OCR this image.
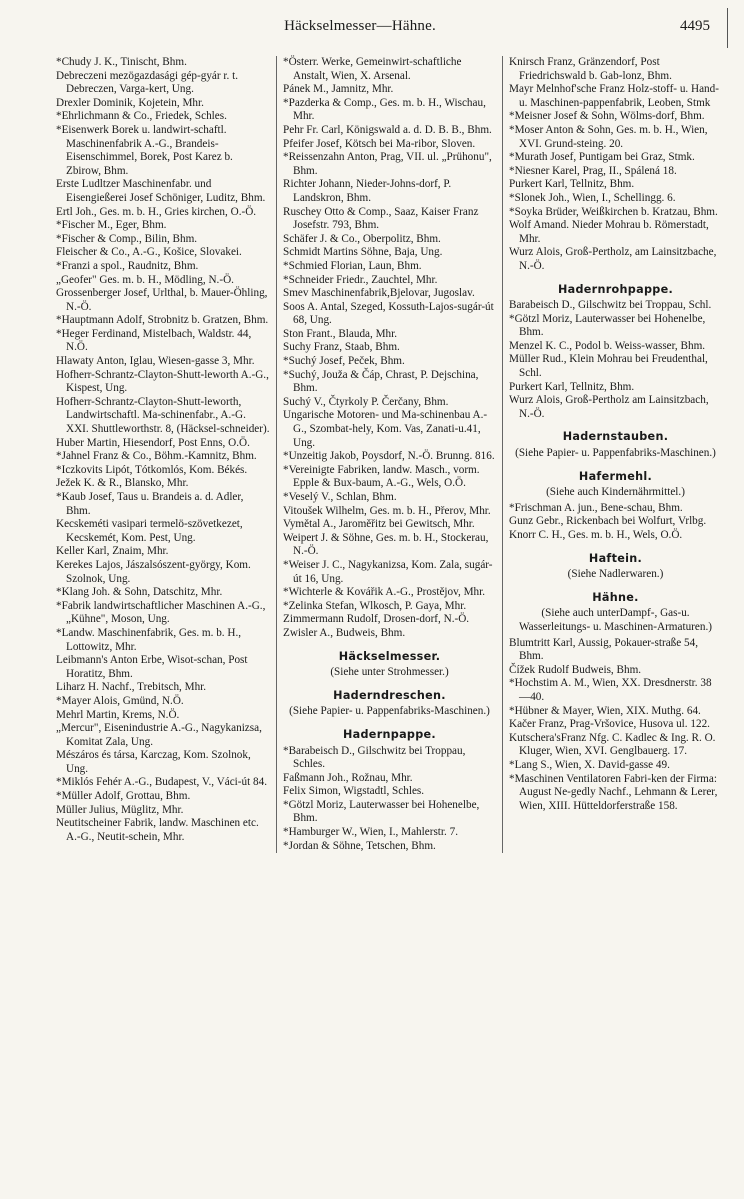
Häckselmesser—Hähne.	4495

*Chudy J. K., Tinischt, Bhm.

Debreczeni mezögazdasági gép-gyár r. t. Debreczen, Varga-kert, Ung.

Drexler Dominik, Kojetein, Mhr.

*Ehrlichmann & Co., Friedek, Schles.

*Eisenwerk Borek u. landwirt-schaftl. Maschinenfabrik A.-G., Brandeis-Eisenschimmel, Borek, Post Karez b. Zbirow, Bhm.

Erste Ludltzer Maschinenfabr. und Eisengießerei Josef Schöniger, Luditz, Bhm.

Ertl Joh., Ges. m. b. H., Gries kirchen, O.-Ö.

*Fischer M., Eger, Bhm.

*Fischer & Comp., Bilin, Bhm.

Fleischer & Co., A.-G., Košice, Slovakei.

*Franzi a spol., Raudnitz, Bhm.

„Geofer" Ges. m. b. H., Mödling, N.-Ö.

Grossenberger Josef, Urlthal, b. Mauer-Öhling, N.-Ö.

*Hauptmann Adolf, Strobnitz b. Gratzen, Bhm.

*Heger Ferdinand, Mistelbach, Waldstr. 44, N.Ö.

Hlawaty Anton, Iglau, Wiesen-gasse 3, Mhr.

Hofherr-Schrantz-Clayton-Shutt-leworth A.-G., Kispest, Ung.

Hofherr-Schrantz-Clayton-Shutt-leworth, Landwirtschaftl. Ma-schinenfabr., A.-G. XXI. Shuttleworthstr. 8, (Häcksel-schneider).

Huber Martin, Hiesendorf, Post Enns, O.Ö.

*Jahnel Franz & Co., Böhm.-Kamnitz, Bhm.

*Iczkovits Lipót, Tótkomlós, Kom. Békés.

Ježek K. & R., Blansko, Mhr.

*Kaub Josef, Taus u. Brandeis a. d. Adler, Bhm.

Kecskeméti vasipari termelö-szövetkezet, Kecskemét, Kom. Pest, Ung.

Keller Karl, Znaim, Mhr.

Kerekes Lajos, Jászalsószent-györgy, Kom. Szolnok, Ung.

*Klang Joh. & Sohn, Datschitz, Mhr.

*Fabrik landwirtschaftlicher Maschinen A.-G., „Kühne", Moson, Ung.

*Landw. Maschinenfabrik, Ges. m. b. H., Lottowitz, Mhr.

Leibmann's Anton Erbe, Wisot-schan, Post Horatitz, Bhm.

Liharz H. Nachf., Trebitsch, Mhr.

*Mayer Alois, Gmünd, N.Ö.

Mehrl Martin, Krems, N.Ö.

„Mercur", Eisenindustrie A.-G., Nagykanizsa, Komitat Zala, Ung.

Mészáros és társa, Karczag, Kom. Szolnok, Ung.

*Miklós Fehér A.-G., Budapest, V., Váci-út 84.

*Müller Adolf, Grottau, Bhm.

Müller Julius, Müglitz, Mhr.

Neutitscheiner Fabrik, landw. Maschinen etc. A.-G., Neutit-schein, Mhr.

*Österr. Werke, Gemeinwirt-schaftliche Anstalt, Wien, X. Arsenal.

Pánek M., Jamnitz, Mhr.

*Pazderka & Comp., Ges. m. b. H., Wischau, Mhr.

Pehr Fr. Carl, Königswald a. d. D. B. B., Bhm.

Pfeifer Josef, Kötsch bei Ma-ribor, Sloven.

*Reissenzahn Anton, Prag, VII. ul. „Prühonu", Bhm.

Richter Johann, Nieder-Johns-dorf, P. Landskron, Bhm.

Ruschey Otto & Comp., Saaz, Kaiser Franz Josefstr. 793, Bhm.

Schäfer J. & Co., Oberpolitz, Bhm.

Schmidt Martins Söhne, Baja, Ung.

*Schmied Florian, Laun, Bhm.

*Schneider Friedr., Zauchtel, Mhr.

Smev Maschinenfabrik,Bjelovar, Jugoslav.

Soos A. Antal, Szeged, Kossuth-Lajos-sugár-út 68, Ung.

Ston Frant., Blauda, Mhr.

Suchy Franz, Staab, Bhm.

*Suchý Josef, Peček, Bhm.

*Suchý, Jouža & Čáp, Chrast, P. Dejschina, Bhm.

Suchý V., Čtyrkoly P. Čerčany, Bhm.

Ungarische Motoren- und Ma-schinenbau A.-G., Szombat-hely, Kom. Vas, Zanati-u.41, Ung.

*Unzeitig Jakob, Poysdorf, N.-Ö. Brunng. 816.

*Vereinigte Fabriken, landw. Masch., vorm. Epple & Bux-baum, A.-G., Wels, O.Ö.

*Veselý V., Schlan, Bhm.

Vitoušek Wilhelm, Ges. m. b. H., Přerov, Mhr.

Vymětal A., Jaroměřitz bei Gewitsch, Mhr.

Weipert J. & Söhne, Ges. m. b. H., Stockerau, N.-Ö.

*Weiser J. C., Nagykanizsa, Kom. Zala, sugár-út 16, Ung.

*Wichterle & Kovářik A.-G., Prostějov, Mhr.

*Zelinka Stefan, Wlkosch, P. Gaya, Mhr.

Zimmermann Rudolf, Drosen-dorf, N.-Ö.

Zwisler A., Budweis, Bhm.

Häckselmesser.
(Siehe unter Strohmesser.)
Haderndreschen.
(Siehe Papier- u. Pappenfabriks-Maschinen.)
Hadernpappe.

*Barabeisch D., Gilschwitz bei Troppau, Schles.

Faßmann Joh., Rožnau, Mhr.

Felix Simon, Wigstadtl, Schles.

*Götzl Moriz, Lauterwasser bei Hohenelbe, Bhm.

*Hamburger W., Wien, I., Mahlerstr. 7.

*Jordan & Söhne, Tetschen, Bhm.

Knirsch Franz, Gränzendorf, Post Friedrichswald b. Gab-lonz, Bhm.

Mayr Melnhof'sche Franz Holz-stoff- u. Hand- u. Maschinen-pappenfabrik, Leoben, Stmk

*Meisner Josef & Sohn, Wölms-dorf, Bhm.

*Moser Anton & Sohn, Ges. m. b. H., Wien, XVI. Grund-steing. 20.

*Murath Josef, Puntigam bei Graz, Stmk.

*Niesner Karel, Prag, II., Spálená 18.

Purkert Karl, Tellnitz, Bhm.

*Slonek Joh., Wien, I., Schellingg. 6.

*Soyka Brüder, Weißkirchen b. Kratzau, Bhm.

Wolf Amand. Nieder Mohrau b. Römerstadt, Mhr.

Wurz Alois, Groß-Pertholz, am Lainsitzbache, N.-Ö.

Hadernrohpappe.

Barabeisch D., Gilschwitz bei Troppau, Schl.

*Götzl Moriz, Lauterwasser bei Hohenelbe, Bhm.

Menzel K. C., Podol b. Weiss-wasser, Bhm.

Müller Rud., Klein Mohrau bei Freudenthal, Schl.

Purkert Karl, Tellnitz, Bhm.

Wurz Alois, Groß-Pertholz am Lainsitzbach, N.-Ö.

Hadernstauben.
(Siehe Papier- u. Pappenfabriks-Maschinen.)
Hafermehl.
(Siehe auch Kindernährmittel.)

*Frischman A. jun., Bene-schau, Bhm.

Gunz Gebr., Rickenbach bei Wolfurt, Vrlbg.

Knorr C. H., Ges. m. b. H., Wels, O.Ö.

Haftein.
(Siehe Nadlerwaren.)
Hähne.
(Siehe auch unterDampf-, Gas-u. Wasserleitungs- u. Maschinen-Armaturen.)

Blumtritt Karl, Aussig, Pokauer-straße 54, Bhm.

Čížek Rudolf Budweis, Bhm.

*Hochstim A. M., Wien, XX. Dresdnerstr. 38—40.

*Hübner & Mayer, Wien, XIX. Muthg. 64.

Kačer Franz, Prag-Vršovice, Husova ul. 122.

Kutschera'sFranz Nfg. C. Kadlec & Ing. R. O. Kluger, Wien, XVI. Genglbauerg. 17.

*Lang S., Wien, X. David-gasse 49.

*Maschinen Ventilatoren Fabri-ken der Firma: August Ne-gedly Nachf., Lehmann & Lerer, Wien, XIII. Hütteldorferstraße 158.
